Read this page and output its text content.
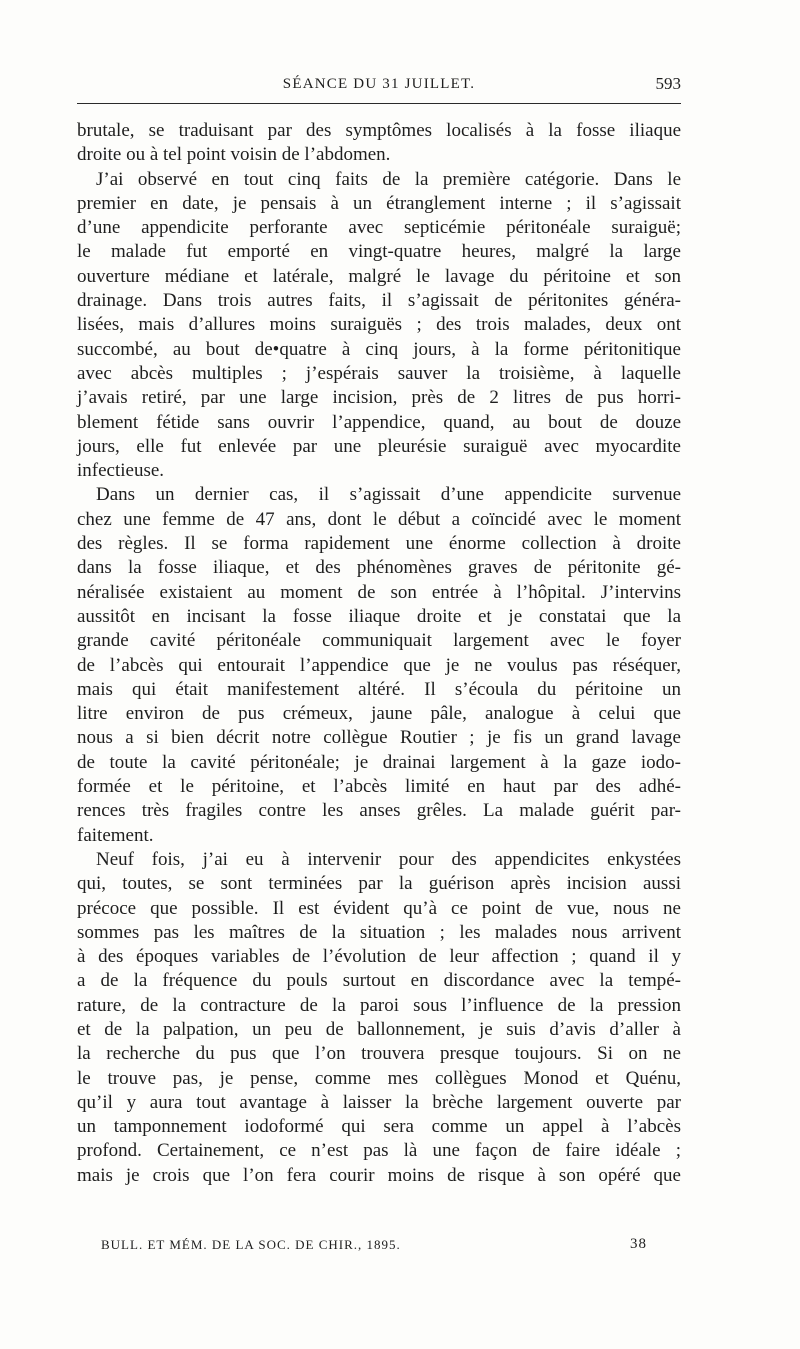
SÉANCE DU 31 JUILLET.	593
brutale, se traduisant par des symptômes localisés à la fosse iliaque
droite ou à tel point voisin de l’abdomen.
J’ai observé en tout cinq faits de la première catégorie. Dans le
premier en date, je pensais à un étranglement interne ; il s’agissait
d’une appendicite perforante avec septicémie péritonéale suraiguë;
le malade fut emporté en vingt-quatre heures, malgré la large
ouverture médiane et latérale, malgré le lavage du péritoine et son
drainage. Dans trois autres faits, il s’agissait de péritonites généra-
lisées, mais d’allures moins suraiguës ; des trois malades, deux ont
succombé, au bout de•quatre à cinq jours, à la forme péritonitique
avec abcès multiples ; j’espérais sauver la troisième, à laquelle
j’avais retiré, par une large incision, près de 2 litres de pus horri-
blement fétide sans ouvrir l’appendice, quand, au bout de douze
jours, elle fut enlevée par une pleurésie suraiguë avec myocardite
infectieuse.
Dans un dernier cas, il s’agissait d’une appendicite survenue
chez une femme de 47 ans, dont le début a coïncidé avec le moment
des règles. Il se forma rapidement une énorme collection à droite
dans la fosse iliaque, et des phénomènes graves de péritonite gé-
néralisée existaient au moment de son entrée à l’hôpital. J’intervins
aussitôt en incisant la fosse iliaque droite et je constatai que la
grande cavité péritonéale communiquait largement avec le foyer
de l’abcès qui entourait l’appendice que je ne voulus pas réséquer,
mais qui était manifestement altéré. Il s’écoula du péritoine un
litre environ de pus crémeux, jaune pâle, analogue à celui que
nous a si bien décrit notre collègue Routier ; je fis un grand lavage
de toute la cavité péritonéale; je drainai largement à la gaze iodo-
formée et le péritoine, et l’abcès limité en haut par des adhé-
rences très fragiles contre les anses grêles. La malade guérit par-
faitement.
Neuf fois, j’ai eu à intervenir pour des appendicites enkystées
qui, toutes, se sont terminées par la guérison après incision aussi
précoce que possible. Il est évident qu’à ce point de vue, nous ne
sommes pas les maîtres de la situation ; les malades nous arrivent
à des époques variables de l’évolution de leur affection ; quand il y
a de la fréquence du pouls surtout en discordance avec la tempé-
rature, de la contracture de la paroi sous l’influence de la pression
et de la palpation, un peu de ballonnement, je suis d’avis d’aller à
la recherche du pus que l’on trouvera presque toujours. Si on ne
le trouve pas, je pense, comme mes collègues Monod et Quénu,
qu’il y aura tout avantage à laisser la brèche largement ouverte par
un tamponnement iodoformé qui sera comme un appel à l’abcès
profond. Certainement, ce n’est pas là une façon de faire idéale ;
mais je crois que l’on fera courir moins de risque à son opéré que
BULL. ET MÉM. DE LA SOC. DE CHIR., 1895.	38
